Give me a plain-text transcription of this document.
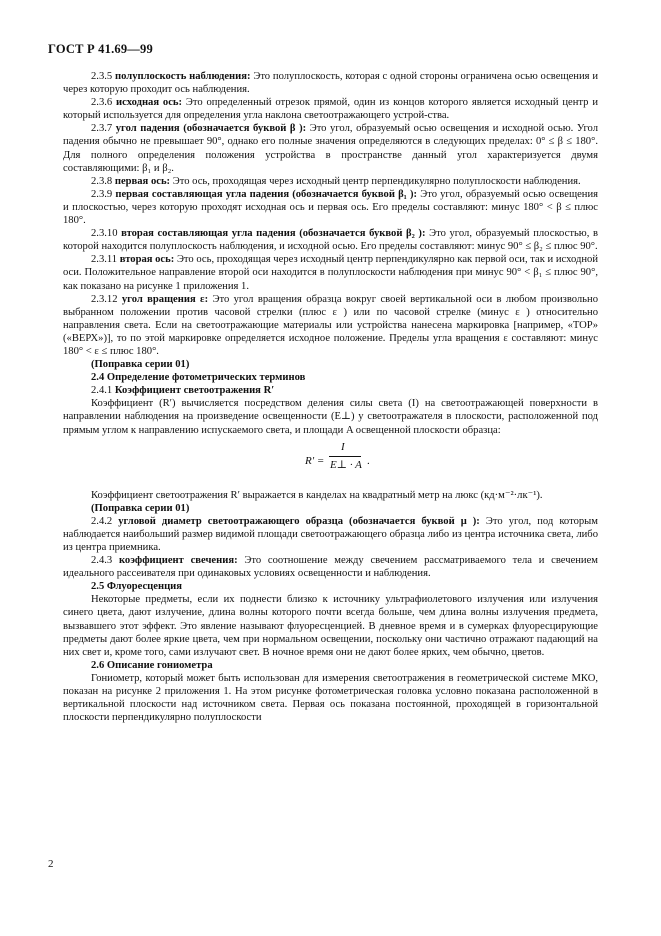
ГОСТ Р 41.69—99

2.3.5 полуплоскость наблюдения: Это полуплоскость, которая с одной стороны ограничена осью освещения и через которую проходит ось наблюдения.

2.3.6 исходная ось: Это определенный отрезок прямой, один из концов которого является исходный центр и который используется для определения угла наклона светоотражающего устрой-ства.

2.3.7 угол падения (обозначается буквой β ): Это угол, образуемый осью освещения и исходной осью. Угол падения обычно не превышает 90°, однако его полные значения определяются в следующих пределах: 0° ≤ β ≤ 180°. Для полного определения положения устройства в пространстве данный угол характеризуется двумя составляющими: β₁ и β₂.

2.3.8 первая ось: Это ось, проходящая через исходный центр перпендикулярно полуплоскости наблюдения.

2.3.9 первая составляющая угла падения (обозначается буквой β₁ ): Это угол, образуемый осью освещения и плоскостью, через которую проходят исходная ось и первая ось. Его пределы составляют: минус 180° < β ≤ плюс 180°.

2.3.10 вторая составляющая угла падения (обозначается буквой β₂ ): Это угол, образуемый плоскостью, в которой находится полуплоскость наблюдения, и исходной осью. Его пределы составляют: минус 90° ≤ β₂ ≤ плюс 90°.

2.3.11 вторая ось: Это ось, проходящая через исходный центр перпендикулярно как первой оси, так и исходной оси. Положительное направление второй оси находится в полуплоскости наблюдения при минус 90° < β₁ ≤ плюс 90°, как показано на рисунке 1 приложения 1.

2.3.12 угол вращения ε: Это угол вращения образца вокруг своей вертикальной оси в любом произвольно выбранном положении против часовой стрелки (плюс ε ) или по часовой стрелке (минус ε ) относительно направления света. Если на светоотражающие материалы или устройства нанесена маркировка [например, «TOP» («ВЕРХ»)], то по этой маркировке определяется исходное положение. Пределы угла вращения ε составляют: минус 180° < ε ≤ плюс 180°.

(Поправка серии 01)

2.4 Определение фотометрических терминов

2.4.1 Коэффициент светоотражения R′

Коэффициент (R′) вычисляется посредством деления силы света (I) на светоотражающей поверхности в направлении наблюдения на произведение освещенности (E⊥) у светоотражателя в плоскости, расположенной под прямым углом к направлению испускаемого света, и площади A освещенной плоскости образца:

R′ =
I
E⊥ · A .

Коэффициент светоотражения R′ выражается в канделах на квадратный метр на люкс (кд·м⁻²·лк⁻¹).

(Поправка серии 01)

2.4.2 угловой диаметр светоотражающего образца (обозначается буквой μ ): Это угол, под которым наблюдается наибольший размер видимой площади светоотражающего образца либо из центра источника света, либо из центра приемника.

2.4.3 коэффициент свечения: Это соотношение между свечением рассматриваемого тела и свечением идеального рассеивателя при одинаковых условиях освещенности и наблюдения.

2.5 Флуоресценция

Некоторые предметы, если их поднести близко к источнику ультрафиолетового излучения или излучения синего цвета, дают излучение, длина волны которого почти всегда больше, чем длина волны излучения предмета, вызвавшего этот эффект. Это явление называют флуоресценцией. В дневное время и в сумерках флуоресцирующие предметы дают более яркие цвета, чем при нормальном освещении, поскольку они частично отражают падающий на них свет и, кроме того, сами излучают свет. В ночное время они не дают более ярких, чем обычно, цветов.

2.6 Описание гониометра

Гониометр, который может быть использован для измерения светоотражения в геометрической системе МКО, показан на рисунке 2 приложения 1. На этом рисунке фотометрическая головка условно показана расположенной в вертикальной плоскости над источником света. Первая ось показана постоянной, проходящей в горизонтальной плоскости перпендикулярно полуплоскости

2
